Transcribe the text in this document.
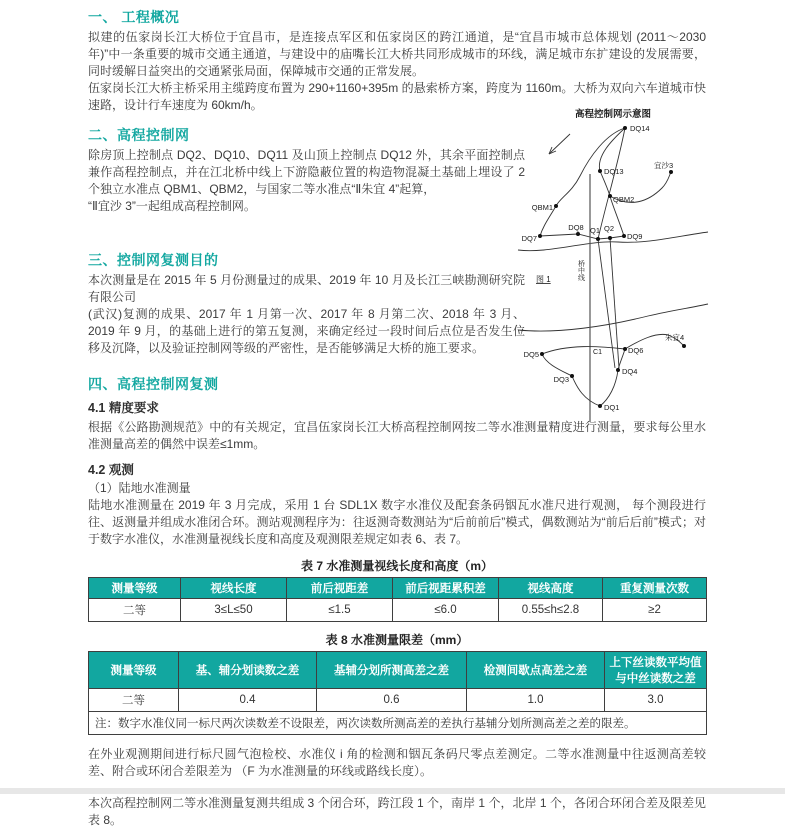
一、 工程概况

拟建的伍家岗长江大桥位于宜昌市，是连接点军区和伍家岗区的跨江通道，是“宜昌市城市总体规划 (2011～2030 年)”中一条重要的城市交通主通道，与建设中的庙嘴长江大桥共同形成城市的环线，满足城市东扩建设的发展需要，同时缓解日益突出的交通紧张局面，保障城市交通的正常发展。

伍家岗长江大桥主桥采用主缆跨度布置为 290+1160+395m 的悬索桥方案，跨度为 1160m。大桥为双向六车道城市快速路，设计行车速度为 60km/h。

二、高程控制网

除房顶上控制点 DQ2、DQ10、DQ11 及山顶上控制点 DQ12 外，其余平面控制点兼作高程控制点，并在江北桥中线上下游隐蔽位置的构造物混凝土基础上埋设了 2 个独立水准点 QBM1、QBM2，与国家二等水准点“Ⅱ朱宜 4”起算，

“Ⅱ宜沙 3”一起组成高程控制网。

三、控制网复测目的

本次测量是在 2015 年 5 月份测量过的成果、2019 年 10 月及长江三峡勘测研究院有限公司

(武汉)复测的成果、2017 年 1 月第一次、2017 年 8 月第二次、2018 年 3 月、2019 年 9 月，的基础上进行的第五复测，来确定经过一段时间后点位是否发生位移及沉降，以及验证控制网等级的严密性，是否能够满足大桥的施工要求。

四、高程控制网复测
4.1 精度要求

根据《公路勘测规范》中的有关规定，宜昌伍家岗长江大桥高程控制网按二等水准测量精度进行测量，要求每公里水准测量高差的偶然中误差≤1mm。

4.2 观测

（1）陆地水准测量

陆地水准测量在 2019 年 3 月完成，采用 1 台 SDL1X 数字水准仪及配套条码铟瓦水准尺进行观测， 每个测段进行往、返测量并组成水准闭合环。测站观测程序为：往返测奇数测站为“后前前后”模式，偶数测站为“前后后前”模式；对于数字水准仪，水准测量视线长度和高度及观测限差规定如表 6、表 7。

表 7 水准测量视线长度和高度（m）
测量等级	视线长度	前后视距差	前后视距累积差	视线高度	重复测量次数
二等	3≤L≤50	≤1.5	≤6.0	0.55≤h≤2.8	≥2
表 8 水准测量限差（mm）
测量等级	基、辅分划读数之差	基辅分划所测高差之差	检测间歇点高差之差	上下丝读数平均值与中丝读数之差
二等	0.4	0.6	1.0	3.0
注：数字水准仪同一标尺两次读数差不设限差，两次读数所测高差的差执行基辅分划所测高差之差的限差。				

在外业观测期间进行标尺圆气泡检校、水准仪 i 角的检测和铟瓦条码尺零点差测定。二等水准测量中往返测高差较差、附合或环闭合差限差为 （F 为水准测量的环线或路线长度）。

本次高程控制网二等水准测量复测共组成 3 个闭合环，跨江段 1 个，南岸 1 个，北岸 1 个，各闭合环闭合差及限差见表 8。

高程控制网示意图
DQ14
DQ13
QBM2
QBM1
DQ7
DQ8 Q1 Q2
DQ9
宜沙3
DQ5
DQ3
DQ1
DQ4
DQ6
朱宜4
图 1	桥中线
C1
